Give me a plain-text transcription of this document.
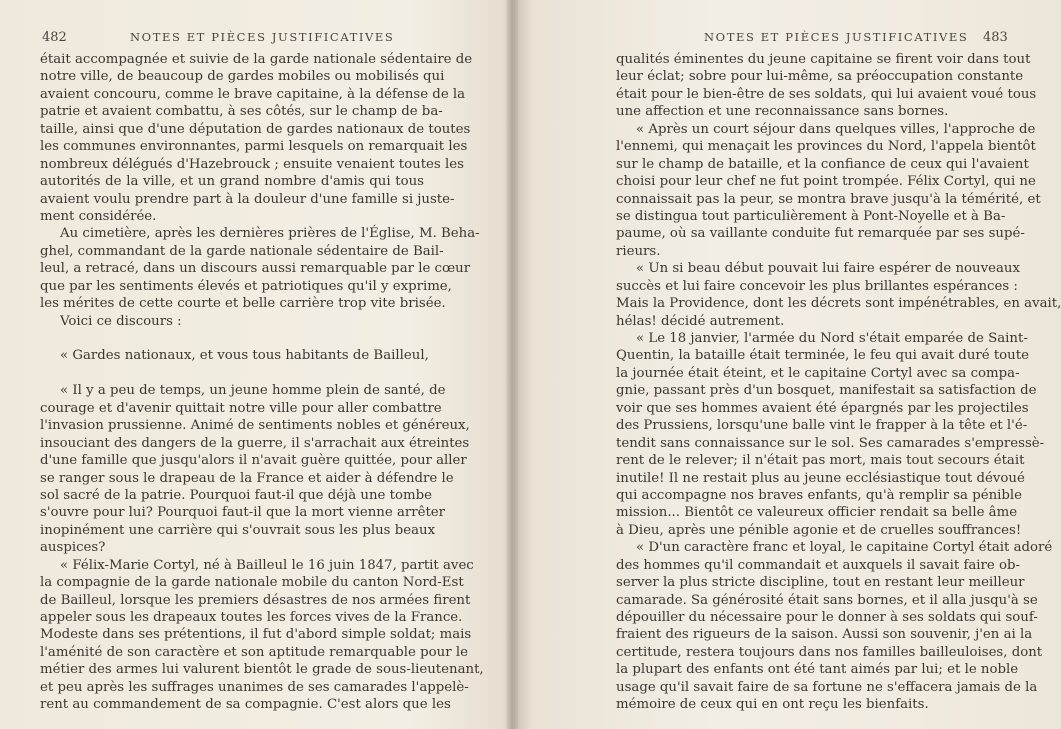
482	NOTES ET PIÈCES JUSTIFICATIVES
était accompagnée et suivie de la garde nationale sédentaire de
notre ville, de beaucoup de gardes mobiles ou mobilisés qui
avaient concouru, comme le brave capitaine, à la défense de la
patrie et avaient combattu, à ses côtés, sur le champ de ba-
taille, ainsi que d'une députation de gardes nationaux de toutes
les communes environnantes, parmi lesquels on remarquait les
nombreux délégués d'Hazebrouck ; ensuite venaient toutes les
autorités de la ville, et un grand nombre d'amis qui tous
avaient voulu prendre part à la douleur d'une famille si juste-
ment considérée.
Au cimetière, après les dernières prières de l'Église, M. Beha-
ghel, commandant de la garde nationale sédentaire de Bail-
leul, a retracé, dans un discours aussi remarquable par le cœur
que par les sentiments élevés et patriotiques qu'il y exprime,
les mérites de cette courte et belle carrière trop vite brisée.
Voici ce discours :
« Gardes nationaux, et vous tous habitants de Bailleul,
« Il y a peu de temps, un jeune homme plein de santé, de
courage et d'avenir quittait notre ville pour aller combattre
l'invasion prussienne. Animé de sentiments nobles et généreux,
insouciant des dangers de la guerre, il s'arrachait aux étreintes
d'une famille que jusqu'alors il n'avait guère quittée, pour aller
se ranger sous le drapeau de la France et aider à défendre le
sol sacré de la patrie. Pourquoi faut-il que déjà une tombe
s'ouvre pour lui? Pourquoi faut-il que la mort vienne arrêter
inopinément une carrière qui s'ouvrait sous les plus beaux
auspices?
« Félix-Marie Cortyl, né à Bailleul le 16 juin 1847, partit avec
la compagnie de la garde nationale mobile du canton Nord-Est
de Bailleul, lorsque les premiers désastres de nos armées firent
appeler sous les drapeaux toutes les forces vives de la France.
Modeste dans ses prétentions, il fut d'abord simple soldat; mais
l'aménité de son caractère et son aptitude remarquable pour le
métier des armes lui valurent bientôt le grade de sous-lieutenant,
et peu après les suffrages unanimes de ses camarades l'appelè-
rent au commandement de sa compagnie. C'est alors que les
NOTES ET PIÈCES JUSTIFICATIVES 483
qualités éminentes du jeune capitaine se firent voir dans tout
leur éclat; sobre pour lui-même, sa préoccupation constante
était pour le bien-être de ses soldats, qui lui avaient voué tous
une affection et une reconnaissance sans bornes.
« Après un court séjour dans quelques villes, l'approche de
l'ennemi, qui menaçait les provinces du Nord, l'appela bientôt
sur le champ de bataille, et la confiance de ceux qui l'avaient
choisi pour leur chef ne fut point trompée. Félix Cortyl, qui ne
connaissait pas la peur, se montra brave jusqu'à la témérité, et
se distingua tout particulièrement à Pont-Noyelle et à Ba-
paume, où sa vaillante conduite fut remarquée par ses supé-
rieurs.
« Un si beau début pouvait lui faire espérer de nouveaux
succès et lui faire concevoir les plus brillantes espérances :
Mais la Providence, dont les décrets sont impénétrables, en avait,
hélas! décidé autrement.
« Le 18 janvier, l'armée du Nord s'était emparée de Saint-
Quentin, la bataille était terminée, le feu qui avait duré toute
la journée était éteint, et le capitaine Cortyl avec sa compa-
gnie, passant près d'un bosquet, manifestait sa satisfaction de
voir que ses hommes avaient été épargnés par les projectiles
des Prussiens, lorsqu'une balle vint le frapper à la tête et l'é-
tendit sans connaissance sur le sol. Ses camarades s'empressè-
rent de le relever; il n'était pas mort, mais tout secours était
inutile! Il ne restait plus au jeune ecclésiastique tout dévoué
qui accompagne nos braves enfants, qu'à remplir sa pénible
mission... Bientôt ce valeureux officier rendait sa belle âme
à Dieu, après une pénible agonie et de cruelles souffrances!
« D'un caractère franc et loyal, le capitaine Cortyl était adoré
des hommes qu'il commandait et auxquels il savait faire ob-
server la plus stricte discipline, tout en restant leur meilleur
camarade. Sa générosité était sans bornes, et il alla jusqu'à se
dépouiller du nécessaire pour le donner à ses soldats qui souf-
fraient des rigueurs de la saison. Aussi son souvenir, j'en ai la
certitude, restera toujours dans nos familles bailleuloises, dont
la plupart des enfants ont été tant aimés par lui; et le noble
usage qu'il savait faire de sa fortune ne s'effacera jamais de la
mémoire de ceux qui en ont reçu les bienfaits.
